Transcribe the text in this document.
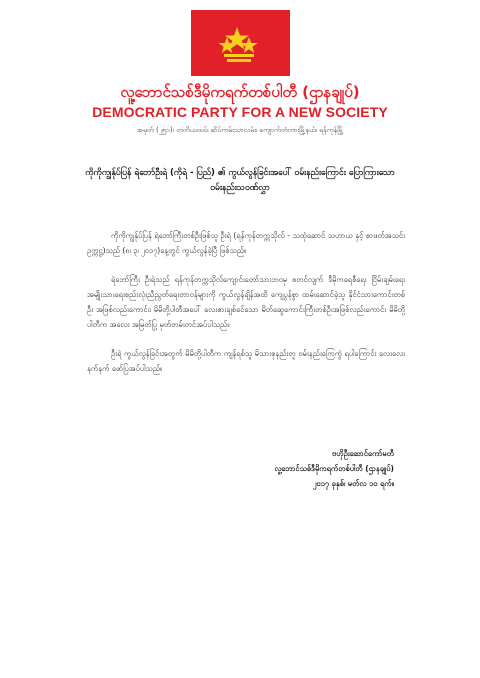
လူ့ဘောင်သစ်ဒီမိုကရက်တစ်ပါတီ (ဌာနချုပ်)
DEMOCRATIC PARTY FOR A NEW SOCIETY
အမှတ် (၂၅၁)၊ တတိယထပ်၊ ဆိပ်ကမ်းသာလမ်း၊ ကျောက်တံတားမြို့နယ်၊ ရန်ကုန်မြို့
ကိုကိုကျွန်ုပ်ပြန် ရဲဘော်ဦးရဲ (ကိုရဲ - ပြည်) ၏ ကွယ်လွန်ခြင်းအပေါ် ဝမ်းနည်းကြောင်း ပြောကြားသော
ဝမ်းနည်းသဝဏ်လွှာ
ကိုကိုကျွန်ုပ်ပြန် ရဲဘော်ကြီးတစ်ဦးဖြစ်သူ ဦးရဲ (ရန်ကုန်တက္ကသိုလ် - သထုံဆောင် သဟာယ နှင့် စာဖတ်အသင်း ဥက္ကဋ္ဌ)သည် (၈၊ ၃၊ ၂၀၁၇)နေ့တွင် ကွယ်လွန်ခဲ့ပြီ ဖြစ်သည်။
ရဲဘော်ကြီး ဦးရဲသည် ရန်ကုန်တက္ကသိုလ်ကျောင်းတော်သားဘဝမှ စတင်လျက် ဒီမိုကရေစီရေး ငြိမ်းချမ်းရေး အမျိုးသားရေးစည်းလုံးညီညွတ်ရေးတာဝန်များကို ကွယ်လွန်ချိန်အထိ ကျေပွန်စွာ ထမ်းဆောင်ခဲ့သူ နိုင်ငံသားကောင်းတစ်ဦး အဖြစ်လည်းကောင်း၊ မိမိတို့ပါတီအပေါ် လေးစားချစ်ခင်သော မိတ်ဆွေကောင်းကြီးတစ်ဦးအဖြစ်လည်းကောင်း မိမိတို့ ပါတီက အလေး အမြတ်ပြု မှတ်တမ်းတင်အပ်ပါသည်။
ဦးရဲ ကွယ်လွန်ခြင်းအတွက် မိမိတို့ပါတီက ကျန်ရစ်သူ မိသားစုနည်းတူ ဝမ်းနည်းကြေကွဲ ရပါကြောင်း လေးလေး နက်နက် ဖော်ပြအပ်ပါသည်။
ဗဟိုဦးဆောင်ကော်မတီ
လူ့ဘောင်သစ်ဒီမိုကရက်တစ်ပါတီ (ဌာနချုပ်)
၂၀၁၇ ခုနှစ်၊ မတ်လ ၁၀ ရက်။
